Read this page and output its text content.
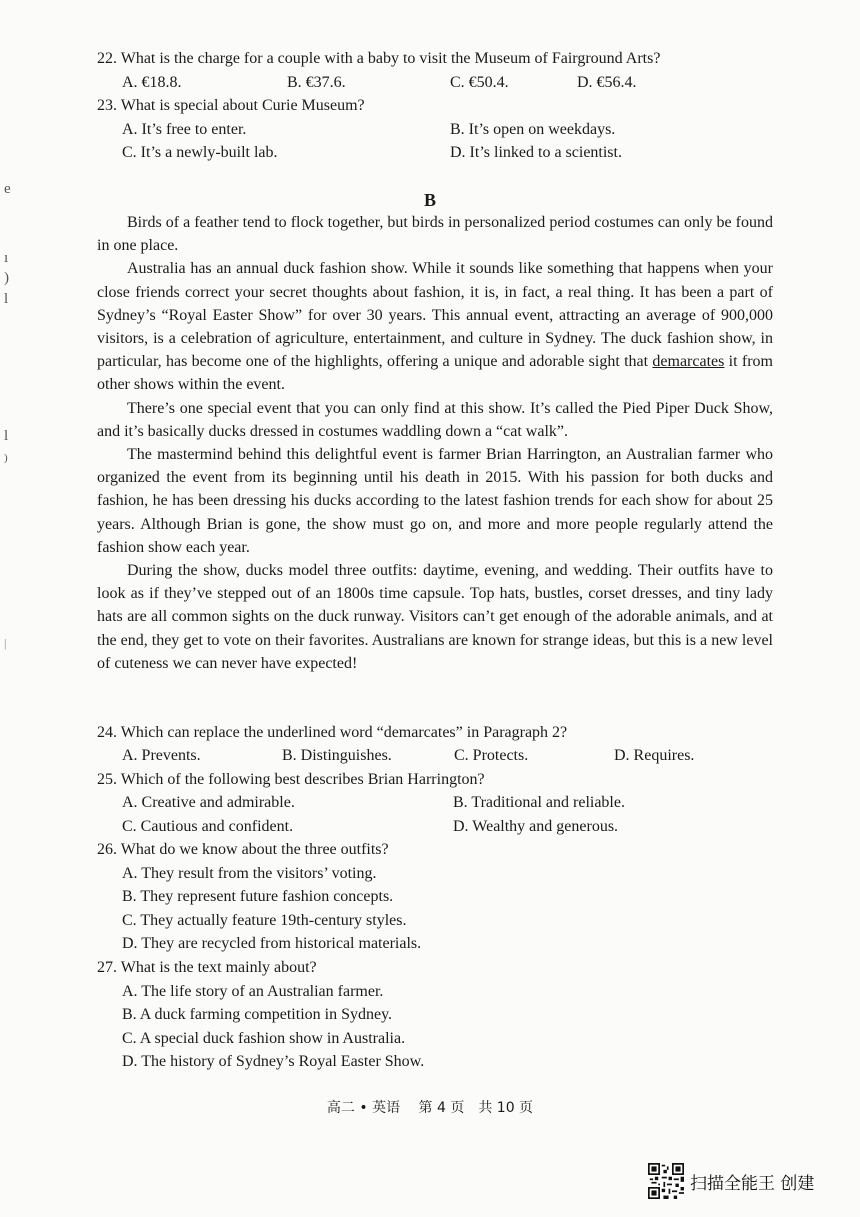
e
ı
)
l
l
)
|
22. What is the charge for a couple with a baby to visit the Museum of Fairground Arts?
A. €18.8.	B. €37.6.	C. €50.4.	D. €56.4.
23. What is special about Curie Museum?
A. It’s free to enter.	B. It’s open on weekdays.
C. It’s a newly-built lab.	D. It’s linked to a scientist.
B

Birds of a feather tend to flock together, but birds in personalized period costumes can only be found in one place.

Australia has an annual duck fashion show. While it sounds like something that happens when your close friends correct your secret thoughts about fashion, it is, in fact, a real thing. It has been a part of Sydney’s “Royal Easter Show” for over 30 years. This annual event, attracting an average of 900,000 visitors, is a celebration of agriculture, entertainment, and culture in Sydney. The duck fashion show, in particular, has become one of the highlights, offering a unique and adorable sight that demarcates it from other shows within the event.

There’s one special event that you can only find at this show. It’s called the Pied Piper Duck Show, and it’s basically ducks dressed in costumes waddling down a “cat walk”.

The mastermind behind this delightful event is farmer Brian Harrington, an Australian farmer who organized the event from its beginning until his death in 2015. With his passion for both ducks and fashion, he has been dressing his ducks according to the latest fashion trends for each show for about 25 years. Although Brian is gone, the show must go on, and more and more people regularly attend the fashion show each year.

During the show, ducks model three outfits: daytime, evening, and wedding. Their outfits have to look as if they’ve stepped out of an 1800s time capsule. Top hats, bustles, corset dresses, and tiny lady hats are all common sights on the duck runway. Visitors can’t get enough of the adorable animals, and at the end, they get to vote on their favorites. Australians are known for strange ideas, but this is a new level of cuteness we can never have expected!

24. Which can replace the underlined word “demarcates” in Paragraph 2?
A. Prevents.	B. Distinguishes.	C. Protects.	D. Requires.
25. Which of the following best describes Brian Harrington?
A. Creative and admirable.	B. Traditional and reliable.
C. Cautious and confident.	D. Wealthy and generous.
26. What do we know about the three outfits?
A. They result from the visitors’ voting.
B. They represent future fashion concepts.
C. They actually feature 19th-century styles.
D. They are recycled from historical materials.
27. What is the text mainly about?
A. The life story of an Australian farmer.
B. A duck farming competition in Sydney.
C. A special duck fashion show in Australia.
D. The history of Sydney’s Royal Easter Show.
高二 • 英语　 第 4 页　共 10 页
扫描全能王 创建
